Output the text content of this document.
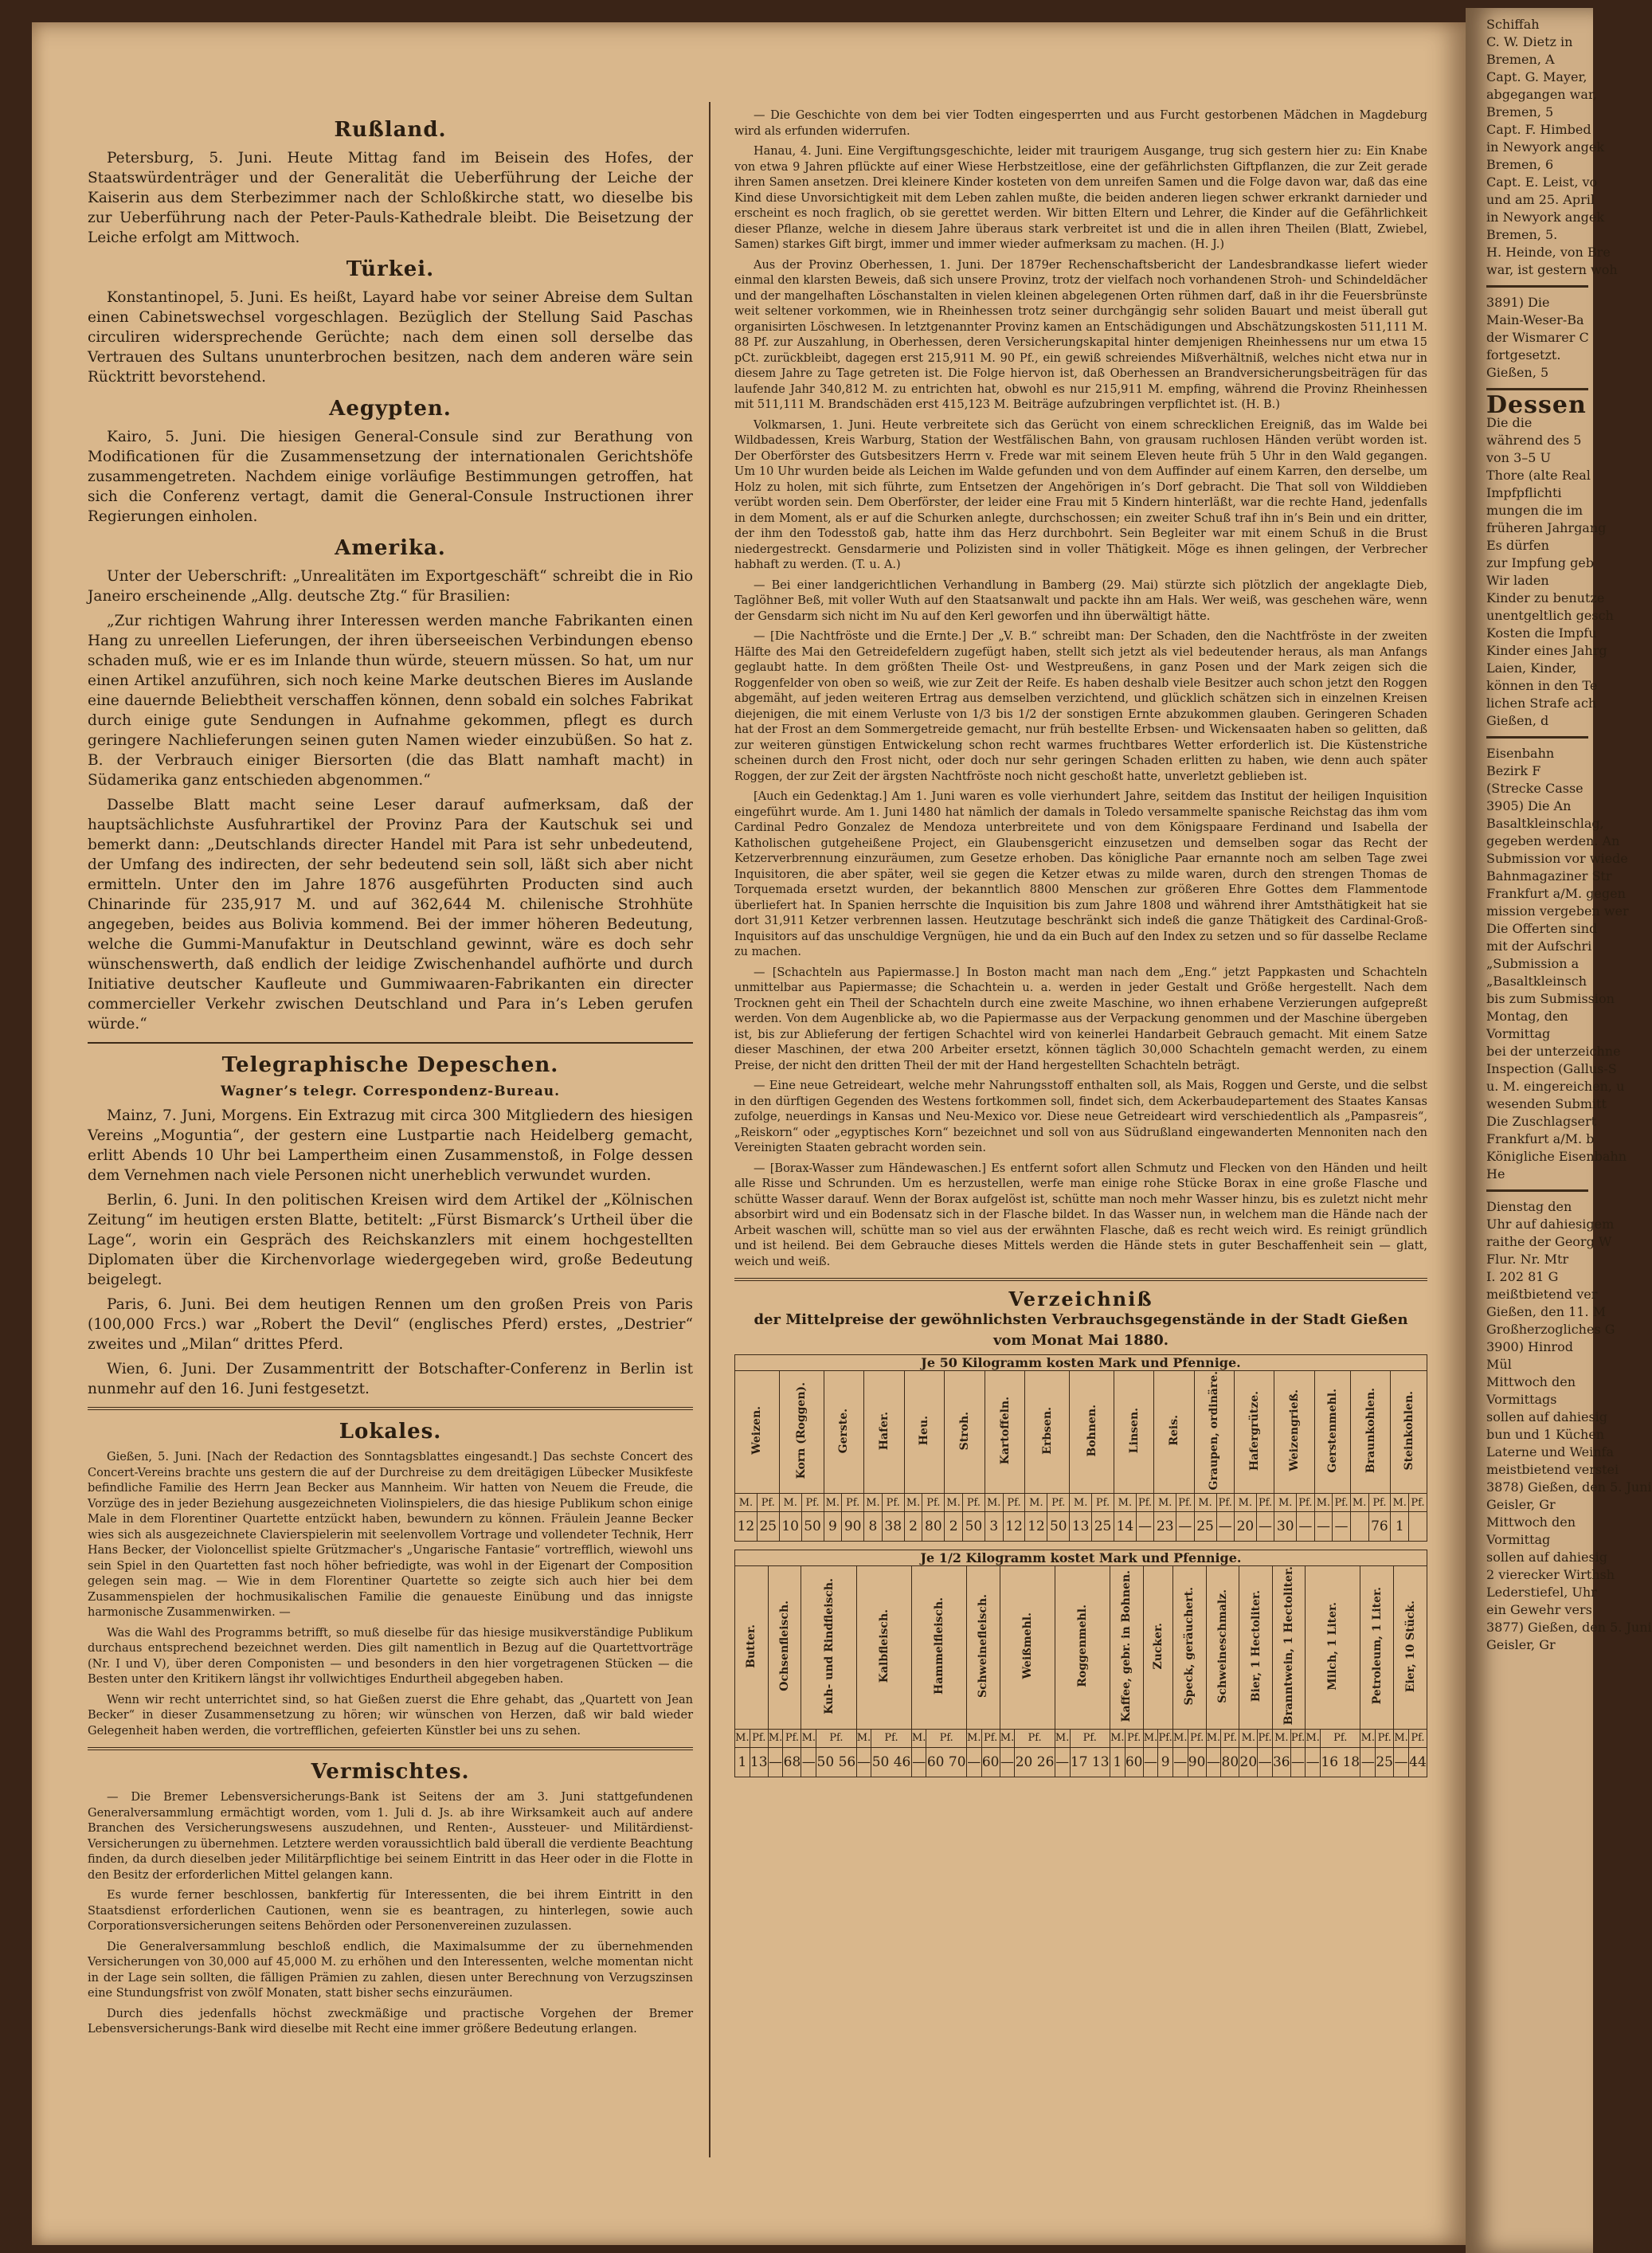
Rußland.

Petersburg, 5. Juni. Heute Mittag fand im Beisein des Hofes, der Staatswürdenträger und der Generalität die Ueberführung der Leiche der Kaiserin aus dem Sterbezimmer nach der Schloßkirche statt, wo dieselbe bis zur Ueberführung nach der Peter-Pauls-Kathedrale bleibt. Die Beisetzung der Leiche erfolgt am Mittwoch.

Türkei.

Konstantinopel, 5. Juni. Es heißt, Layard habe vor seiner Abreise dem Sultan einen Cabinetswechsel vorgeschlagen. Bezüglich der Stellung Said Paschas circuliren widersprechende Gerüchte; nach dem einen soll derselbe das Vertrauen des Sultans ununterbrochen besitzen, nach dem anderen wäre sein Rücktritt bevorstehend.

Aegypten.

Kairo, 5. Juni. Die hiesigen General-Consule sind zur Berathung von Modificationen für die Zusammensetzung der internationalen Gerichtshöfe zusammengetreten. Nachdem einige vorläufige Bestimmungen getroffen, hat sich die Conferenz vertagt, damit die General-Consule Instructionen ihrer Regierungen einholen.

Amerika.

Unter der Ueberschrift: „Unrealitäten im Exportgeschäft“ schreibt die in Rio Janeiro erscheinende „Allg. deutsche Ztg.“ für Brasilien:

„Zur richtigen Wahrung ihrer Interessen werden manche Fabrikanten einen Hang zu unreellen Lieferungen, der ihren überseeischen Verbindungen ebenso schaden muß, wie er es im Inlande thun würde, steuern müssen. So hat, um nur einen Artikel anzuführen, sich noch keine Marke deutschen Bieres im Auslande eine dauernde Beliebtheit verschaffen können, denn sobald ein solches Fabrikat durch einige gute Sendungen in Aufnahme gekommen, pflegt es durch geringere Nachlieferungen seinen guten Namen wieder einzubüßen. So hat z. B. der Verbrauch einiger Biersorten (die das Blatt namhaft macht) in Südamerika ganz entschieden abgenommen.“

Dasselbe Blatt macht seine Leser darauf aufmerksam, daß der hauptsächlichste Ausfuhrartikel der Provinz Para der Kautschuk sei und bemerkt dann: „Deutschlands directer Handel mit Para ist sehr unbedeutend, der Umfang des indirecten, der sehr bedeutend sein soll, läßt sich aber nicht ermitteln. Unter den im Jahre 1876 ausgeführten Producten sind auch Chinarinde für 235,917 M. und auf 362,644 M. chilenische Strohhüte angegeben, beides aus Bolivia kommend. Bei der immer höheren Bedeutung, welche die Gummi-Manufaktur in Deutschland gewinnt, wäre es doch sehr wünschenswerth, daß endlich der leidige Zwischenhandel aufhörte und durch Initiative deutscher Kaufleute und Gummiwaaren-Fabrikanten ein directer commercieller Verkehr zwischen Deutschland und Para in’s Leben gerufen würde.“

Telegraphische Depeschen.
Wagner’s telegr. Correspondenz-Bureau.

Mainz, 7. Juni, Morgens. Ein Extrazug mit circa 300 Mitgliedern des hiesigen Vereins „Moguntia“, der gestern eine Lustpartie nach Heidelberg gemacht, erlitt Abends 10 Uhr bei Lampertheim einen Zusammenstoß, in Folge dessen dem Vernehmen nach viele Personen nicht unerheblich verwundet wurden.

Berlin, 6. Juni. In den politischen Kreisen wird dem Artikel der „Kölnischen Zeitung“ im heutigen ersten Blatte, betitelt: „Fürst Bismarck’s Urtheil über die Lage“, worin ein Gespräch des Reichskanzlers mit einem hochgestellten Diplomaten über die Kirchenvorlage wiedergegeben wird, große Bedeutung beigelegt.

Paris, 6. Juni. Bei dem heutigen Rennen um den großen Preis von Paris (100,000 Frcs.) war „Robert the Devil“ (englisches Pferd) erstes, „Destrier“ zweites und „Milan“ drittes Pferd.

Wien, 6. Juni. Der Zusammentritt der Botschafter-Conferenz in Berlin ist nunmehr auf den 16. Juni festgesetzt.

Lokales.

Gießen, 5. Juni. [Nach der Redaction des Sonntagsblattes eingesandt.] Das sechste Concert des Concert-Vereins brachte uns gestern die auf der Durchreise zu dem dreitägigen Lübecker Musikfeste befindliche Familie des Herrn Jean Becker aus Mannheim. Wir hatten von Neuem die Freude, die Vorzüge des in jeder Beziehung ausgezeichneten Violinspielers, die das hiesige Publikum schon einige Male in dem Florentiner Quartette entzückt haben, bewundern zu können. Fräulein Jeanne Becker wies sich als ausgezeichnete Clavierspielerin mit seelenvollem Vortrage und vollendeter Technik, Herr Hans Becker, der Violoncellist spielte Grützmacher's „Ungarische Fantasie“ vortrefflich, wiewohl uns sein Spiel in den Quartetten fast noch höher befriedigte, was wohl in der Eigenart der Composition gelegen sein mag. — Wie in dem Florentiner Quartette so zeigte sich auch hier bei dem Zusammenspielen der hochmusikalischen Familie die genaueste Einübung und das innigste harmonische Zusammenwirken. —

Was die Wahl des Programms betrifft, so muß dieselbe für das hiesige musikverständige Publikum durchaus entsprechend bezeichnet werden. Dies gilt namentlich in Bezug auf die Quartettvorträge (Nr. I und V), über deren Componisten — und besonders in den hier vorgetragenen Stücken — die Besten unter den Kritikern längst ihr vollwichtiges Endurtheil abgegeben haben.

Wenn wir recht unterrichtet sind, so hat Gießen zuerst die Ehre gehabt, das „Quartett von Jean Becker“ in dieser Zusammensetzung zu hören; wir wünschen von Herzen, daß wir bald wieder Gelegenheit haben werden, die vortrefflichen, gefeierten Künstler bei uns zu sehen.

Vermischtes.

— Die Bremer Lebensversicherungs-Bank ist Seitens der am 3. Juni stattgefundenen Generalversammlung ermächtigt worden, vom 1. Juli d. Js. ab ihre Wirksamkeit auch auf andere Branchen des Versicherungswesens auszudehnen, und Renten-, Aussteuer- und Militärdienst-Versicherungen zu übernehmen. Letztere werden voraussichtlich bald überall die verdiente Beachtung finden, da durch dieselben jeder Militärpflichtige bei seinem Eintritt in das Heer oder in die Flotte in den Besitz der erforderlichen Mittel gelangen kann.

Es wurde ferner beschlossen, bankfertig für Interessenten, die bei ihrem Eintritt in den Staatsdienst erforderlichen Cautionen, wenn sie es beantragen, zu hinterlegen, sowie auch Corporationsversicherungen seitens Behörden oder Personenvereinen zuzulassen.

Die Generalversammlung beschloß endlich, die Maximalsumme der zu übernehmenden Versicherungen von 30,000 auf 45,000 M. zu erhöhen und den Interessenten, welche momentan nicht in der Lage sein sollten, die fälligen Prämien zu zahlen, diesen unter Berechnung von Verzugszinsen eine Stundungsfrist von zwölf Monaten, statt bisher sechs einzuräumen.

Durch dies jedenfalls höchst zweckmäßige und practische Vorgehen der Bremer Lebensversicherungs-Bank wird dieselbe mit Recht eine immer größere Bedeutung erlangen.

— Die Geschichte von dem bei vier Todten eingesperrten und aus Furcht gestorbenen Mädchen in Magdeburg wird als erfunden widerrufen.

Hanau, 4. Juni. Eine Vergiftungsgeschichte, leider mit traurigem Ausgange, trug sich gestern hier zu: Ein Knabe von etwa 9 Jahren pflückte auf einer Wiese Herbstzeitlose, eine der gefährlichsten Giftpflanzen, die zur Zeit gerade ihren Samen ansetzen. Drei kleinere Kinder kosteten von dem unreifen Samen und die Folge davon war, daß das eine Kind diese Unvorsichtigkeit mit dem Leben zahlen mußte, die beiden anderen liegen schwer erkrankt darnieder und erscheint es noch fraglich, ob sie gerettet werden. Wir bitten Eltern und Lehrer, die Kinder auf die Gefährlichkeit dieser Pflanze, welche in diesem Jahre überaus stark verbreitet ist und die in allen ihren Theilen (Blatt, Zwiebel, Samen) starkes Gift birgt, immer und immer wieder aufmerksam zu machen. (H. J.)

Aus der Provinz Oberhessen, 1. Juni. Der 1879er Rechenschaftsbericht der Landesbrandkasse liefert wieder einmal den klarsten Beweis, daß sich unsere Provinz, trotz der vielfach noch vorhandenen Stroh- und Schindeldächer und der mangelhaften Löschanstalten in vielen kleinen abgelegenen Orten rühmen darf, daß in ihr die Feuersbrünste weit seltener vorkommen, wie in Rheinhessen trotz seiner durchgängig sehr soliden Bauart und meist überall gut organisirten Löschwesen. In letztgenannter Provinz kamen an Entschädigungen und Abschätzungskosten 511,111 M. 88 Pf. zur Auszahlung, in Oberhessen, deren Versicherungskapital hinter demjenigen Rheinhessens nur um etwa 15 pCt. zurückbleibt, dagegen erst 215,911 M. 90 Pf., ein gewiß schreiendes Mißverhältniß, welches nicht etwa nur in diesem Jahre zu Tage getreten ist. Die Folge hiervon ist, daß Oberhessen an Brandversicherungsbeiträgen für das laufende Jahr 340,812 M. zu entrichten hat, obwohl es nur 215,911 M. empfing, während die Provinz Rheinhessen mit 511,111 M. Brandschäden erst 415,123 M. Beiträge aufzubringen verpflichtet ist. (H. B.)

Volkmarsen, 1. Juni. Heute verbreitete sich das Gerücht von einem schrecklichen Ereigniß, das im Walde bei Wildbadessen, Kreis Warburg, Station der Westfälischen Bahn, von grausam ruchlosen Händen verübt worden ist. Der Oberförster des Gutsbesitzers Herrn v. Frede war mit seinem Eleven heute früh 5 Uhr in den Wald gegangen. Um 10 Uhr wurden beide als Leichen im Walde gefunden und von dem Auffinder auf einem Karren, den derselbe, um Holz zu holen, mit sich führte, zum Entsetzen der Angehörigen in’s Dorf gebracht. Die That soll von Wilddieben verübt worden sein. Dem Oberförster, der leider eine Frau mit 5 Kindern hinterläßt, war die rechte Hand, jedenfalls in dem Moment, als er auf die Schurken anlegte, durchschossen; ein zweiter Schuß traf ihn in’s Bein und ein dritter, der ihm den Todesstoß gab, hatte ihm das Herz durchbohrt. Sein Begleiter war mit einem Schuß in die Brust niedergestreckt. Gensdarmerie und Polizisten sind in voller Thätigkeit. Möge es ihnen gelingen, der Verbrecher habhaft zu werden. (T. u. A.)

— Bei einer landgerichtlichen Verhandlung in Bamberg (29. Mai) stürzte sich plötzlich der angeklagte Dieb, Taglöhner Beß, mit voller Wuth auf den Staatsanwalt und packte ihn am Hals. Wer weiß, was geschehen wäre, wenn der Gensdarm sich nicht im Nu auf den Kerl geworfen und ihn überwältigt hätte.

— [Die Nachtfröste und die Ernte.] Der „V. B.“ schreibt man: Der Schaden, den die Nachtfröste in der zweiten Hälfte des Mai den Getreidefeldern zugefügt haben, stellt sich jetzt als viel bedeutender heraus, als man Anfangs geglaubt hatte. In dem größten Theile Ost- und Westpreußens, in ganz Posen und der Mark zeigen sich die Roggenfelder von oben so weiß, wie zur Zeit der Reife. Es haben deshalb viele Besitzer auch schon jetzt den Roggen abgemäht, auf jeden weiteren Ertrag aus demselben verzichtend, und glücklich schätzen sich in einzelnen Kreisen diejenigen, die mit einem Verluste von 1/3 bis 1/2 der sonstigen Ernte abzukommen glauben. Geringeren Schaden hat der Frost an dem Sommergetreide gemacht, nur früh bestellte Erbsen- und Wickensaaten haben so gelitten, daß zur weiteren günstigen Entwickelung schon recht warmes fruchtbares Wetter erforderlich ist. Die Küstenstriche scheinen durch den Frost nicht, oder doch nur sehr geringen Schaden erlitten zu haben, wie denn auch später Roggen, der zur Zeit der ärgsten Nachtfröste noch nicht geschoßt hatte, unverletzt geblieben ist.

[Auch ein Gedenktag.] Am 1. Juni waren es volle vierhundert Jahre, seitdem das Institut der heiligen Inquisition eingeführt wurde. Am 1. Juni 1480 hat nämlich der damals in Toledo versammelte spanische Reichstag das ihm vom Cardinal Pedro Gonzalez de Mendoza unterbreitete und von dem Königspaare Ferdinand und Isabella der Katholischen gutgeheißene Project, ein Glaubensgericht einzusetzen und demselben sogar das Recht der Ketzerverbrennung einzuräumen, zum Gesetze erhoben. Das königliche Paar ernannte noch am selben Tage zwei Inquisitoren, die aber später, weil sie gegen die Ketzer etwas zu milde waren, durch den strengen Thomas de Torquemada ersetzt wurden, der bekanntlich 8800 Menschen zur größeren Ehre Gottes dem Flammentode überliefert hat. In Spanien herrschte die Inquisition bis zum Jahre 1808 und während ihrer Amtsthätigkeit hat sie dort 31,911 Ketzer verbrennen lassen. Heutzutage beschränkt sich indeß die ganze Thätigkeit des Cardinal-Groß-Inquisitors auf das unschuldige Vergnügen, hie und da ein Buch auf den Index zu setzen und so für dasselbe Reclame zu machen.

— [Schachteln aus Papiermasse.] In Boston macht man nach dem „Eng.“ jetzt Pappkasten und Schachteln unmittelbar aus Papiermasse; die Schachtein u. a. werden in jeder Gestalt und Größe hergestellt. Nach dem Trocknen geht ein Theil der Schachteln durch eine zweite Maschine, wo ihnen erhabene Verzierungen aufgepreßt werden. Von dem Augenblicke ab, wo die Papiermasse aus der Verpackung genommen und der Maschine übergeben ist, bis zur Ablieferung der fertigen Schachtel wird von keinerlei Handarbeit Gebrauch gemacht. Mit einem Satze dieser Maschinen, der etwa 200 Arbeiter ersetzt, können täglich 30,000 Schachteln gemacht werden, zu einem Preise, der nicht den dritten Theil der mit der Hand hergestellten Schachteln beträgt.

— Eine neue Getreideart, welche mehr Nahrungsstoff enthalten soll, als Mais, Roggen und Gerste, und die selbst in den dürftigen Gegenden des Westens fortkommen soll, findet sich, dem Ackerbaudepartement des Staates Kansas zufolge, neuerdings in Kansas und Neu-Mexico vor. Diese neue Getreideart wird verschiedentlich als „Pampasreis“, „Reiskorn“ oder „egyptisches Korn“ bezeichnet und soll von aus Südrußland eingewanderten Mennoniten nach den Vereinigten Staaten gebracht worden sein.

— [Borax-Wasser zum Händewaschen.] Es entfernt sofort allen Schmutz und Flecken von den Händen und heilt alle Risse und Schrunden. Um es herzustellen, werfe man einige rohe Stücke Borax in eine große Flasche und schütte Wasser darauf. Wenn der Borax aufgelöst ist, schütte man noch mehr Wasser hinzu, bis es zuletzt nicht mehr absorbirt wird und ein Bodensatz sich in der Flasche bildet. In das Wasser nun, in welchem man die Hände nach der Arbeit waschen will, schütte man so viel aus der erwähnten Flasche, daß es recht weich wird. Es reinigt gründlich und ist heilend. Bei dem Gebrauche dieses Mittels werden die Hände stets in guter Beschaffenheit sein — glatt, weich und weiß.

Verzeichniß
der Mittelpreise der gewöhnlichsten Verbrauchsgegenstände in der Stadt Gießen
vom Monat Mai 1880.
Je 50 Kilogramm kosten Mark und Pfennige.																																	
Weizen.		Korn (Roggen).		Gerste.		Hafer.		Heu.		Stroh.		Kartoffeln.		Erbsen.		Bohnen.		Linsen.		Reis.		Graupen, ordinäre.		Hafergrütze.		Weizengrieß.		Gerstenmehl.		Braunkohlen.		Steinkohlen.	
M.	Pf.	M.	Pf.	M.	Pf.	M.	Pf.	M.	Pf.	M.	Pf.	M.	Pf.	M.	Pf.	M.	Pf.	M.	Pf.	M.	Pf.	M.	Pf.	M.	Pf.	M.	Pf.	M.	Pf.	M.	Pf.	M.	Pf.
12	25	10	50	9	90	8	38	2	80	2	50	3	12	12	50	13	25	14	—	23	—	25	—	20	—	30	—	—	—		76	1	
Je 1/2 Kilogramm kostet Mark und Pfennige.																																	
Butter.		Ochsenfleisch.		Kuh- und Rindfleisch.		Kalbfleisch.		Hammelfleisch.		Schweinefleisch.		Weißmehl.		Roggenmehl.		Kaffee, gebr. in Bohnen.		Zucker.		Speck, geräuchert.		Schweineschmalz.		Bier, 1 Hectoliter.		Branntwein, 1 Hectoliter.		Milch, 1 Liter.		Petroleum, 1 Liter.		Eier, 10 Stück.	
M.	Pf.	M.	Pf.	M.	Pf.	M.	Pf.	M.	Pf.	M.	Pf.	M.	Pf.	M.	Pf.	M.	Pf.	M.	Pf.	M.	Pf.	M.	Pf.	M.	Pf.	M.	Pf.	M.	Pf.	M.	Pf.	M.	Pf.
1	13	—	68	—	50 56	—	50 46	—	60 70	—	60	—	20 26	—	17 13	1	60	—	9	—	90	—	80	20	—	36	—	—	16 18	—	25	—	44
Schiffah
C. W. Dietz in
Bremen, A
Capt. G. Mayer,
abgegangen war,
Bremen, 5
Capt. F. Himbed
in Newyork angek
Bremen, 6
Capt. E. Leist, vo
und am 25. April
in Newyork angek
Bremen, 5.
H. Heinde, von Bre
war, ist gestern woh
3891) Die
Main-Weser-Ba
der Wismarer C
fortgesetzt.
Gießen, 5
Dessen
Die die
während des 5
von 3–5 U
Thore (alte Real
Impfpflichti
mungen die im
früheren Jahrgang
Es dürfen
zur Impfung geb
Wir laden
Kinder zu benutze
unentgeltlich gesch
Kosten die Impfu
Kinder eines Jahrg
Laien, Kinder,
können in den Te
lichen Strafe ach
Gießen, d
Eisenbahn
Bezirk F
(Strecke Casse
3905) Die An
Basaltkleinschlag,
gegeben werden. An
Submission vor wiede
Bahnmagaziner Str
Frankfurt a/M. gegen
mission vergeben wer
Die Offerten sind
mit der Aufschri
„Submission a
„Basaltkleinsch
bis zum Submission
Montag, den
Vormittag
bei der unterzeichne
Inspection (Gallus-S
u. M. eingereichen, u
wesenden Submitt
Die Zuschlagsert
Frankfurt a/M. b
Königliche Eisenbahn
He
Dienstag den
Uhr auf dahiesigem
raithe der Georg W
Flur. Nr. Mtr
I. 202 81 G
meißtbietend ver
Gießen, den 11. M
Großherzogliches G
3900) Hinrod
Mül
Mittwoch den
Vormittags
sollen auf dahiesig
bun und 1 Küchen
Laterne und Weinfa
meistbietend verstei
3878) Gießen, den 5. Juni
Geisler, Gr
Mittwoch den
Vormittag
sollen auf dahiesig
2 vierecker Wirthsh
Lederstiefel, Uhr
ein Gewehr vers
3877) Gießen, den 5. Juni
Geisler, Gr
